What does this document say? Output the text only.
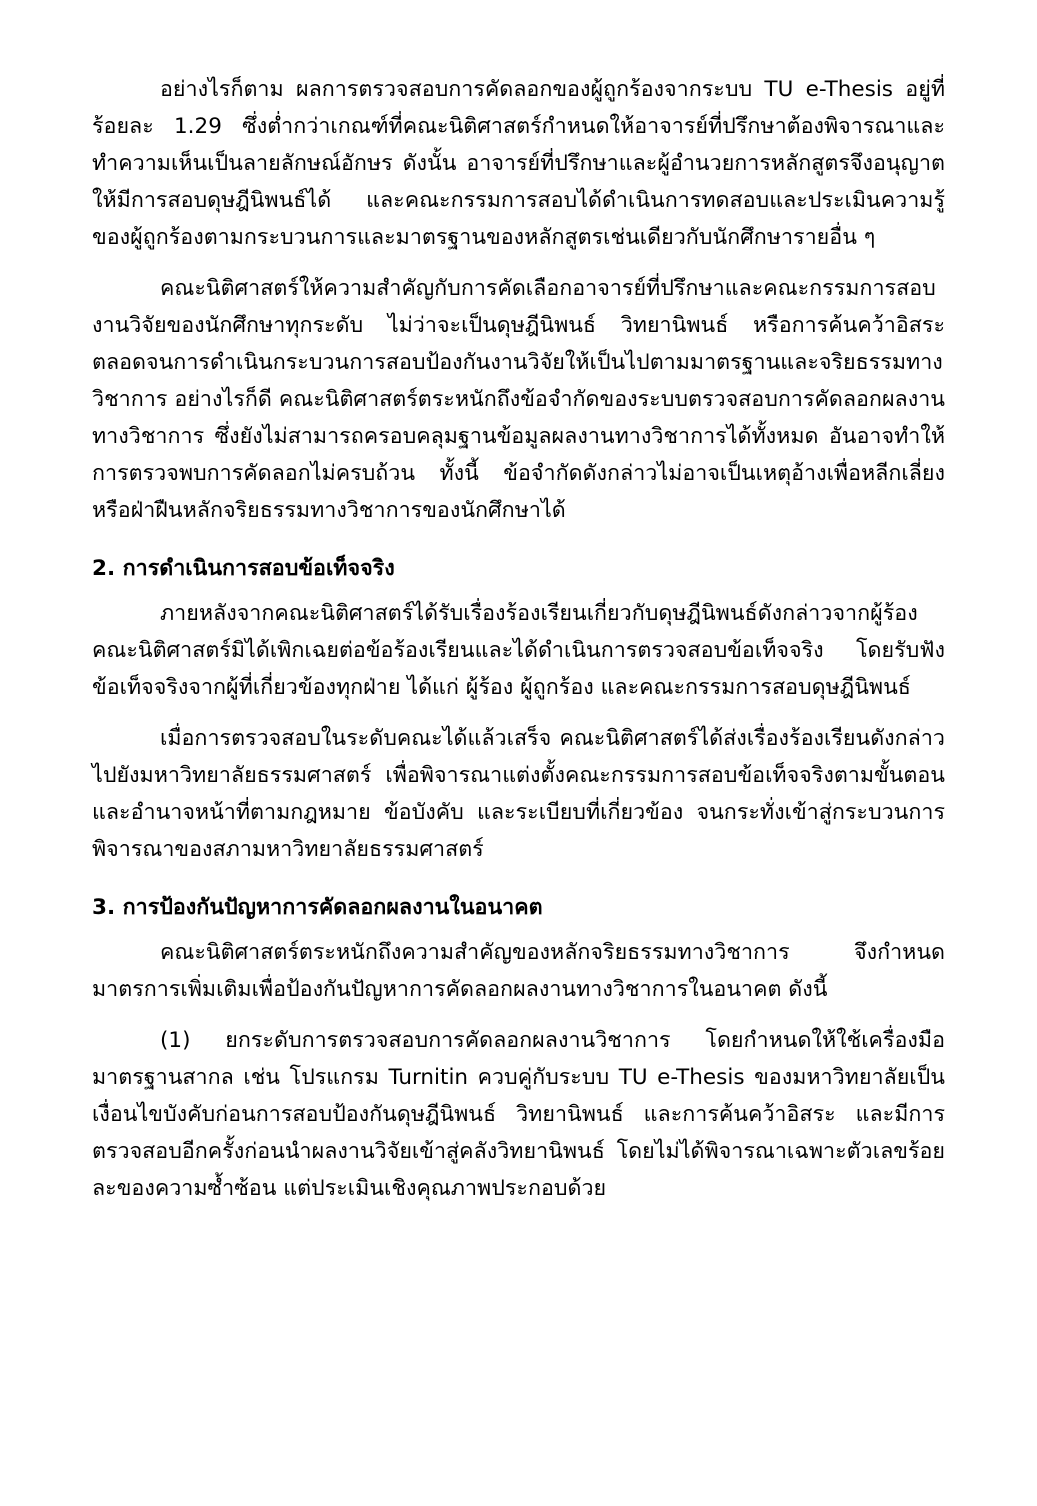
อย่างไรก็ตาม ผลการตรวจสอบการคัดลอกของผู้ถูกร้องจากระบบ TU e-Thesis อยู่ที่ร้อยละ 1.29 ซึ่งต่ำกว่าเกณฑ์ที่คณะนิติศาสตร์กำหนดให้อาจารย์ที่ปรึกษาต้องพิจารณาและทำความเห็นเป็นลายลักษณ์อักษร ดังนั้น อาจารย์ที่ปรึกษาและผู้อำนวยการหลักสูตรจึงอนุญาตให้มีการสอบดุษฎีนิพนธ์ได้ และคณะกรรมการสอบได้ดำเนินการทดสอบและประเมินความรู้ของผู้ถูกร้องตามกระบวนการและมาตรฐานของหลักสูตรเช่นเดียวกับนักศึกษารายอื่น ๆ

คณะนิติศาสตร์ให้ความสำคัญกับการคัดเลือกอาจารย์ที่ปรึกษาและคณะกรรมการสอบงานวิจัยของนักศึกษาทุกระดับ ไม่ว่าจะเป็นดุษฎีนิพนธ์ วิทยานิพนธ์ หรือการค้นคว้าอิสระ ตลอดจนการดำเนินกระบวนการสอบป้องกันงานวิจัยให้เป็นไปตามมาตรฐานและจริยธรรมทางวิชาการ อย่างไรก็ดี คณะนิติศาสตร์ตระหนักถึงข้อจำกัดของระบบตรวจสอบการคัดลอกผลงานทางวิชาการ ซึ่งยังไม่สามารถครอบคลุมฐานข้อมูลผลงานทางวิชาการได้ทั้งหมด อันอาจทำให้การตรวจพบการคัดลอกไม่ครบถ้วน ทั้งนี้ ข้อจำกัดดังกล่าวไม่อาจเป็นเหตุอ้างเพื่อหลีกเลี่ยงหรือฝ่าฝืนหลักจริยธรรมทางวิชาการของนักศึกษาได้

2. การดำเนินการสอบข้อเท็จจริง

ภายหลังจากคณะนิติศาสตร์ได้รับเรื่องร้องเรียนเกี่ยวกับดุษฎีนิพนธ์ดังกล่าวจากผู้ร้อง คณะนิติศาสตร์มิได้เพิกเฉยต่อข้อร้องเรียนและได้ดำเนินการตรวจสอบข้อเท็จจริง โดยรับฟังข้อเท็จจริงจากผู้ที่เกี่ยวข้องทุกฝ่าย ได้แก่ ผู้ร้อง ผู้ถูกร้อง และคณะกรรมการสอบดุษฎีนิพนธ์

เมื่อการตรวจสอบในระดับคณะได้แล้วเสร็จ คณะนิติศาสตร์ได้ส่งเรื่องร้องเรียนดังกล่าวไปยังมหาวิทยาลัยธรรมศาสตร์ เพื่อพิจารณาแต่งตั้งคณะกรรมการสอบข้อเท็จจริงตามขั้นตอนและอำนาจหน้าที่ตามกฎหมาย ข้อบังคับ และระเบียบที่เกี่ยวข้อง จนกระทั่งเข้าสู่กระบวนการพิจารณาของสภามหาวิทยาลัยธรรมศาสตร์

3. การป้องกันปัญหาการคัดลอกผลงานในอนาคต

คณะนิติศาสตร์ตระหนักถึงความสำคัญของหลักจริยธรรมทางวิชาการ จึงกำหนดมาตรการเพิ่มเติมเพื่อป้องกันปัญหาการคัดลอกผลงานทางวิชาการในอนาคต ดังนี้

(1) ยกระดับการตรวจสอบการคัดลอกผลงานวิชาการ โดยกำหนดให้ใช้เครื่องมือมาตรฐานสากล เช่น โปรแกรม Turnitin ควบคู่กับระบบ TU e-Thesis ของมหาวิทยาลัยเป็นเงื่อนไขบังคับก่อนการสอบป้องกันดุษฎีนิพนธ์ วิทยานิพนธ์ และการค้นคว้าอิสระ และมีการตรวจสอบอีกครั้งก่อนนำผลงานวิจัยเข้าสู่คลังวิทยานิพนธ์ โดยไม่ได้พิจารณาเฉพาะตัวเลขร้อยละของความซ้ำซ้อน แต่ประเมินเชิงคุณภาพประกอบด้วย
